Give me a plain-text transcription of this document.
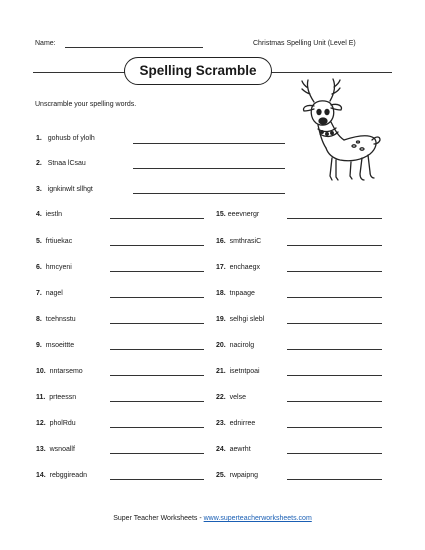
Name:	Christmas Spelling Unit (Level E)
Spelling Scramble
Unscramble your spelling words.
1. gohusb of ylolh
2. Stnaa lCsau
3. ignkinwlt sllhgt
4. iestln
5. frtiuekac
6. hmcyeni
7. nagel
8. tcehnsstu
9. msoeittte
10. nntarsemo
11. prteessn
12. pholRdu
13. wsnoallf
14. rebggireadn
15. eeevnergr
16. smthrasiC
17. enchaegx
18. tnpaage
19. selhgi slebl
20. nacirolg
21. isetntpoai
22. velse
23. ednirree
24. aewrht
25. rwpaipng
Super Teacher Worksheets - www.superteacherworksheets.com
